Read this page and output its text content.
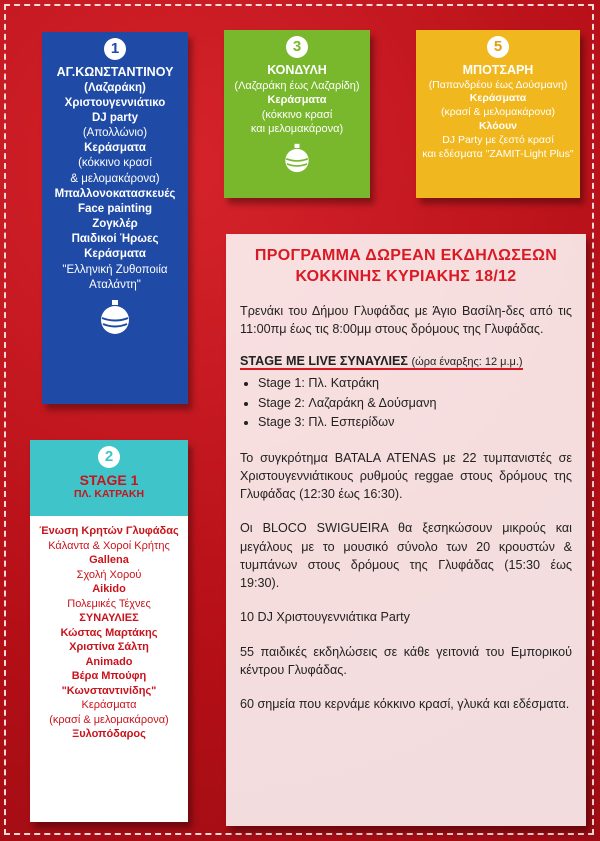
1
ΑΓ.ΚΩΝΣΤΑΝΤΙΝΟΥ
(Λαζαράκη)
Χριστουγεννιάτικο
DJ party
(Απολλώνιο)
Κεράσματα
(κόκκινο κρασί
& μελομακάρονα)
Μπαλλονοκατασκευές
Face painting
Ζογκλέρ
Παιδικοί Ήρωες
Κεράσματα
"Ελληνική Ζυθοποιία
Αταλάντη"
3
ΚΟΝΔΥΛΗ
(Λαζαράκη έως Λαζαρίδη)
Κεράσματα
(κόκκινο κρασί
και μελομακάρονα)
5
ΜΠΟΤΣΑΡΗ
(Παπανδρέου έως Δούσμανη)
Κεράσματα
(κρασί & μελομακάρονα)
Κλόουν
DJ Party με ζεστό κρασί
και εδέσματα "ZAMIT-Light Plus"
2
STAGE 1
ΠΛ. ΚΑΤΡΑΚΗ
Ένωση Κρητών Γλυφάδας
Κάλαντα & Χοροί Κρήτης
Gallena
Σχολή Χορού
Aikido
Πολεμικές Τέχνες
ΣΥΝΑΥΛΙΕΣ
Κώστας Μαρτάκης
Χριστίνα Σάλτη
Animado
Βέρα Μπούφη
"Κωνσταντινίδης"
Κεράσματα
(κρασί & μελομακάρονα)
Ξυλοπόδαρος
ΠΡΟΓΡΑΜΜΑ ΔΩΡΕΑΝ ΕΚΔΗΛΩΣΕΩΝ
ΚΟΚΚΙΝΗΣ ΚΥΡΙΑΚΗΣ 18/12

Τρενάκι του Δήμου Γλυφάδας με Άγιο Βασίλη-δες από τις 11:00πμ έως τις 8:00μμ στους δρόμους της Γλυφάδας.

STAGE ME LIVE ΣΥΝΑΥΛΙΕΣ (ώρα έναρξης: 12 μ.μ.)
• Stage 1: Πλ. Κατράκη
• Stage 2: Λαζαράκη & Δούσμανη
• Stage 3: Πλ. Εσπερίδων

Το συγκρότημα BATALA ATENAS με 22 τυμπανιστές σε Χριστουγεννιάτικους ρυθμούς reggae στους δρόμους της Γλυφάδας (12:30 έως 16:30).

Οι BLOCO SWIGUEIRA θα ξεσηκώσουν μικρούς και μεγάλους με το μουσικό σύνολο των 20 κρουστών & τυμπάνων στους δρόμους της Γλυφάδας (15:30 έως 19:30).

10 DJ Χριστουγεννιάτικα Party

55 παιδικές εκδηλώσεις σε κάθε γειτονιά του Εμπορικού κέντρου Γλυφάδας.

60 σημεία που κερνάμε κόκκινο κρασί, γλυκά και εδέσματα.
